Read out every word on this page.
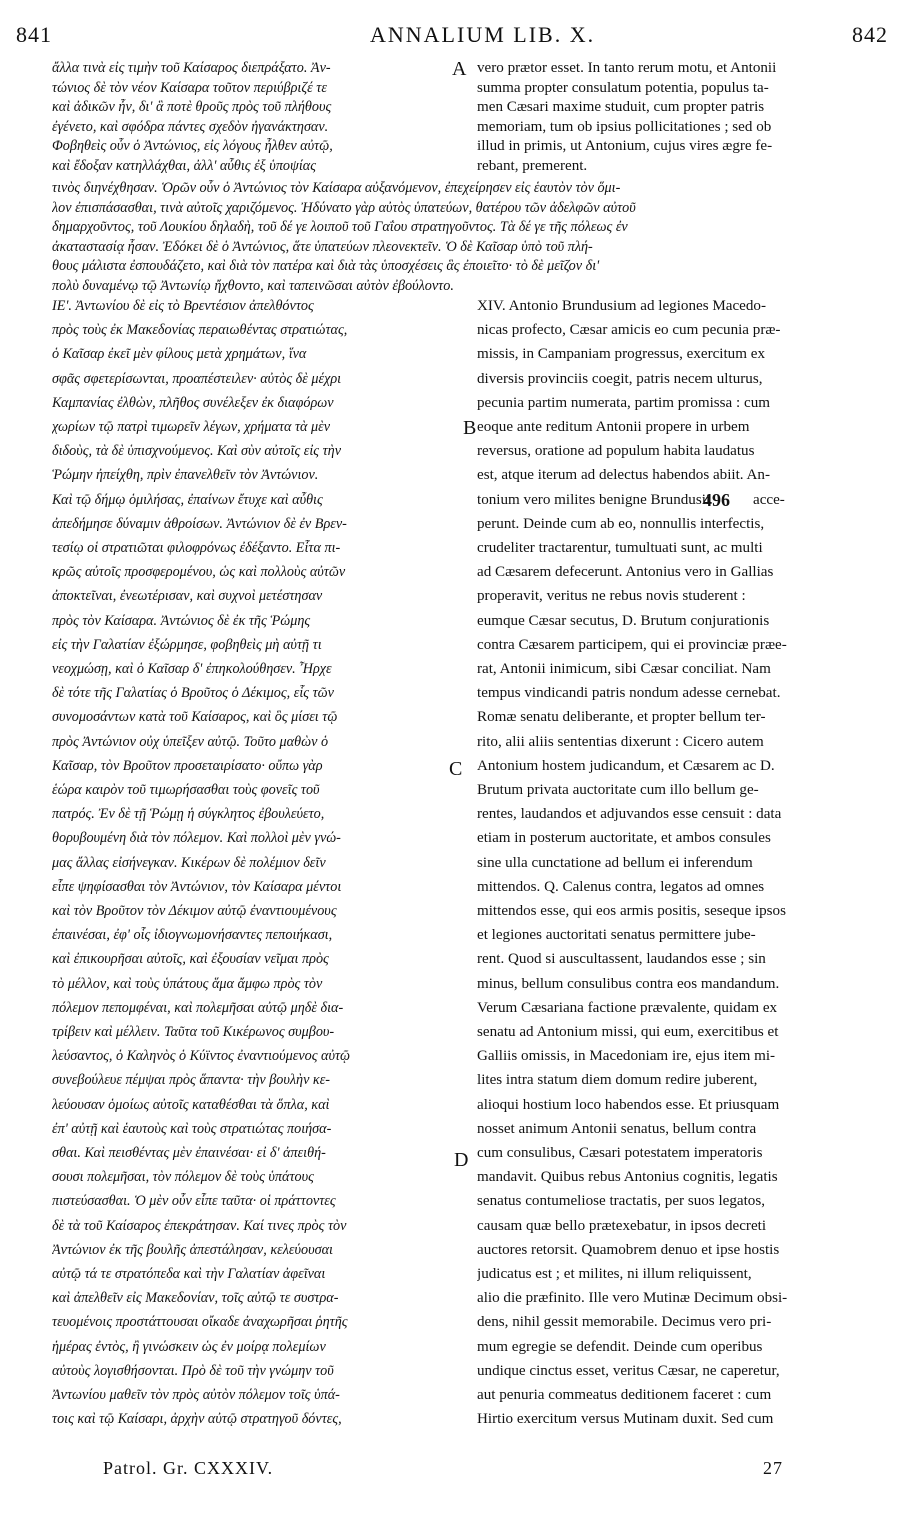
841	ANNALIUM LIB. X.	842
ἄλλα τινὰ εἰς τιμὴν τοῦ Καίσαρος διεπράξατο. Ἀν-
τώνιος δὲ τὸν νέον Καίσαρα τοῦτον περιύβριζέ τε
καὶ ἀδικῶν ἦν, δι' ἃ ποτὲ θροῦς πρὸς τοῦ πλήθους
ἐγένετο, καὶ σφόδρα πάντες σχεδὸν ἠγανάκτησαν.
Φοβηθεὶς οὖν ὁ Ἀντώνιος, εἰς λόγους ἦλθεν αὐτῷ,
καὶ ἔδοξαν κατηλλάχθαι, ἀλλ' αὖθις ἐξ ὑποψίας
vero prætor esset. In tanto rerum motu, et Antonii
summa propter consulatum potentia, populus ta-
men Cæsari maxime studuit, cum propter patris
memoriam, tum ob ipsius pollicitationes ; sed ob
illud in primis, ut Antonium, cujus vires ægre fe-
rebant, premerent.
τινὸς διηνέχθησαν. Ὁρῶν οὖν ὁ Ἀντώνιος τὸν Καίσαρα αὐξανόμενον, ἐπεχείρησεν εἰς ἑαυτὸν τὸν ὅμι-
λον ἐπισπάσασθαι, τινὰ αὐτοῖς χαριζόμενος. Ἠδύνατο γὰρ αὐτὸς ὑπατεύων, θατέρου τῶν ἀδελφῶν αὐτοῦ
δημαρχοῦντος, τοῦ Λουκίου δηλαδὴ, τοῦ δέ γε λοιποῦ τοῦ Γαΐου στρατηγοῦντος. Τὰ δέ γε τῆς πόλεως ἐν
ἀκαταστασίᾳ ἦσαν. Ἐδόκει δὲ ὁ Ἀντώνιος, ἅτε ὑπατεύων πλεονεκτεῖν. Ὁ δὲ Καῖσαρ ὑπὸ τοῦ πλή-
θους μάλιστα ἐσπουδάζετο, καὶ διὰ τὸν πατέρα καὶ διὰ τὰς ὑποσχέσεις ἃς ἐποιεῖτο· τὸ δὲ μεῖζον δι'
πολὺ δυναμένῳ τῷ Ἀντωνίῳ ἤχθοντο, καὶ ταπεινῶσαι αὐτὸν ἐβούλοντο.
ΙΕʹ. Ἀντωνίου δὲ εἰς τὸ Βρεντέσιον ἀπελθόντος
πρὸς τοὺς ἐκ Μακεδονίας περαιωθέντας στρατιώτας,
ὁ Καῖσαρ ἐκεῖ μὲν φίλους μετὰ χρημάτων, ἵνα
σφᾶς σφετερίσωνται, προαπέστειλεν· αὐτὸς δὲ μέχρι
Καμπανίας ἐλθὼν, πλῆθος συνέλεξεν ἐκ διαφόρων
χωρίων τῷ πατρὶ τιμωρεῖν λέγων, χρήματα τὰ μὲν
διδοὺς, τὰ δὲ ὑπισχνούμενος. Καὶ σὺν αὐτοῖς εἰς τὴν
Ῥώμην ἠπείχθη, πρὶν ἐπανελθεῖν τὸν Ἀντώνιον.
Καὶ τῷ δήμῳ ὁμιλήσας, ἐπαίνων ἔτυχε καὶ αὖθις
ἀπεδήμησε δύναμιν ἀθροίσων. Ἀντώνιον δὲ ἐν Βρεν-
τεσίῳ οἱ στρατιῶται φιλοφρόνως ἐδέξαντο. Εἶτα πι-
κρῶς αὐτοῖς προσφερομένου, ὡς καὶ πολλοὺς αὐτῶν
ἀποκτεῖναι, ἐνεωτέρισαν, καὶ συχνοὶ μετέστησαν
πρὸς τὸν Καίσαρα. Ἀντώνιος δὲ ἐκ τῆς Ῥώμης
εἰς τὴν Γαλατίαν ἐξώρμησε, φοβηθεὶς μὴ αὐτῇ τι
νεοχμώσῃ, καὶ ὁ Καῖσαρ δ' ἐπηκολούθησεν. Ἦρχε
δὲ τότε τῆς Γαλατίας ὁ Βροῦτος ὁ Δέκιμος, εἷς τῶν
συνομοσάντων κατὰ τοῦ Καίσαρος, καὶ ὃς μίσει τῷ
πρὸς Ἀντώνιον οὐχ ὑπεῖξεν αὐτῷ. Τοῦτο μαθὼν ὁ
Καῖσαρ, τὸν Βροῦτον προσεταιρίσατο· οὔπω γὰρ
ἑώρα καιρὸν τοῦ τιμωρήσασθαι τοὺς φονεῖς τοῦ
πατρός. Ἐν δὲ τῇ Ῥώμῃ ἡ σύγκλητος ἐβουλεύετο,
θορυβουμένη διὰ τὸν πόλεμον. Καὶ πολλοὶ μὲν γνώ-
μας ἄλλας εἰσήνεγκαν. Κικέρων δὲ πολέμιον δεῖν
εἶπε ψηφίσασθαι τὸν Ἀντώνιον, τὸν Καίσαρα μέντοι
καὶ τὸν Βροῦτον τὸν Δέκιμον αὐτῷ ἐναντιουμένους
ἐπαινέσαι, ἐφ' οἷς ἰδιογνωμονήσαντες πεποιήκασι,
καὶ ἐπικουρῆσαι αὐτοῖς, καὶ ἐξουσίαν νεῖμαι πρὸς
τὸ μέλλον, καὶ τοὺς ὑπάτους ἅμα ἄμφω πρὸς τὸν
πόλεμον πεπομφέναι, καὶ πολεμῆσαι αὐτῷ μηδὲ δια-
τρίβειν καὶ μέλλειν. Ταῦτα τοῦ Κικέρωνος συμβου-
λεύσαντος, ὁ Καληνὸς ὁ Κύϊντος ἐναντιούμενος αὐτῷ
συνεβούλευε πέμψαι πρὸς ἅπαντα· τὴν βουλὴν κε-
λεύουσαν ὁμοίως αὐτοῖς καταθέσθαι τὰ ὅπλα, καὶ
ἐπ' αὐτῇ καὶ ἑαυτοὺς καὶ τοὺς στρατιώτας ποιήσα-
σθαι. Καὶ πεισθέντας μὲν ἐπαινέσαι· εἰ δ' ἀπειθή-
σουσι πολεμῆσαι, τὸν πόλεμον δὲ τοὺς ὑπάτους
πιστεύσασθαι. Ὁ μὲν οὖν εἶπε ταῦτα· οἱ πράττοντες
δὲ τὰ τοῦ Καίσαρος ἐπεκράτησαν. Καί τινες πρὸς τὸν
Ἀντώνιον ἐκ τῆς βουλῆς ἀπεστάλησαν, κελεύουσαι
αὐτῷ τά τε στρατόπεδα καὶ τὴν Γαλατίαν ἀφεῖναι
καὶ ἀπελθεῖν εἰς Μακεδονίαν, τοῖς αὐτῷ τε συστρα-
τευομένοις προστάττουσαι οἴκαδε ἀναχωρῆσαι ῥητῆς
ἡμέρας ἐντὸς, ἢ γινώσκειν ὡς ἐν μοίρᾳ πολεμίων
αὐτοὺς λογισθήσονται. Πρὸ δὲ τοῦ τὴν γνώμην τοῦ
Ἀντωνίου μαθεῖν τὸν πρὸς αὐτὸν πόλεμον τοῖς ὑπά-
τοις καὶ τῷ Καίσαρι, ἀρχὴν αὐτῷ στρατηγοῦ δόντες,
XIV. Antonio Brundusium ad legiones Macedo-
nicas profecto, Cæsar amicis eo cum pecunia præ-
missis, in Campaniam progressus, exercitum ex
diversis provinciis coegit, patris necem ulturus,
pecunia partim numerata, partim promissa : cum
eoque ante reditum Antonii propere in urbem
reversus, oratione ad populum habita laudatus
est, atque iterum ad delectus habendos abiit. An-
tonium vero milites benigne Brundusii
496 acce-
perunt. Deinde cum ab eo, nonnullis interfectis,
crudeliter tractarentur, tumultuati sunt, ac multi
ad Cæsarem defecerunt. Antonius vero in Gallias
properavit, veritus ne rebus novis studerent :
eumque Cæsar secutus, D. Brutum conjurationis
contra Cæsarem participem, qui ei provinciæ præe-
rat, Antonii inimicum, sibi Cæsar conciliat. Nam
tempus vindicandi patris nondum adesse cernebat.
Romæ senatu deliberante, et propter bellum ter-
rito, alii aliis sententias dixerunt : Cicero autem
Antonium hostem judicandum, et Cæsarem ac D.
Brutum privata auctoritate cum illo bellum ge-
rentes, laudandos et adjuvandos esse censuit : data
etiam in posterum auctoritate, et ambos consules
sine ulla cunctatione ad bellum ei inferendum
mittendos. Q. Calenus contra, legatos ad omnes
mittendos esse, qui eos armis positis, seseque ipsos
et legiones auctoritati senatus permittere jube-
rent. Quod si auscultassent, laudandos esse ; sin
minus, bellum consulibus contra eos mandandum.
Verum Cæsariana factione prævalente, quidam ex
senatu ad Antonium missi, qui eum, exercitibus et
Galliis omissis, in Macedoniam ire, ejus item mi-
lites intra statum diem domum redire juberent,
alioqui hostium loco habendos esse. Et priusquam
nosset animum Antonii senatus, bellum contra
cum consulibus, Cæsari potestatem imperatoris
mandavit. Quibus rebus Antonius cognitis, legatis
senatus contumeliose tractatis, per suos legatos,
causam quæ bello prætexebatur, in ipsos decreti
auctores retorsit. Quamobrem denuo et ipse hostis
judicatus est ; et milites, ni illum reliquissent,
alio die præfinito. Ille vero Mutinæ Decimum obsi-
dens, nihil gessit memorabile. Decimus vero pri-
mum egregie se defendit. Deinde cum operibus
undique cinctus esset, veritus Cæsar, ne caperetur,
aut penuria commeatus deditionem faceret : cum
Hirtio exercitum versus Mutinam duxit. Sed cum
A
B
C
D
Patrol. Gr. CXXXIV.	27
